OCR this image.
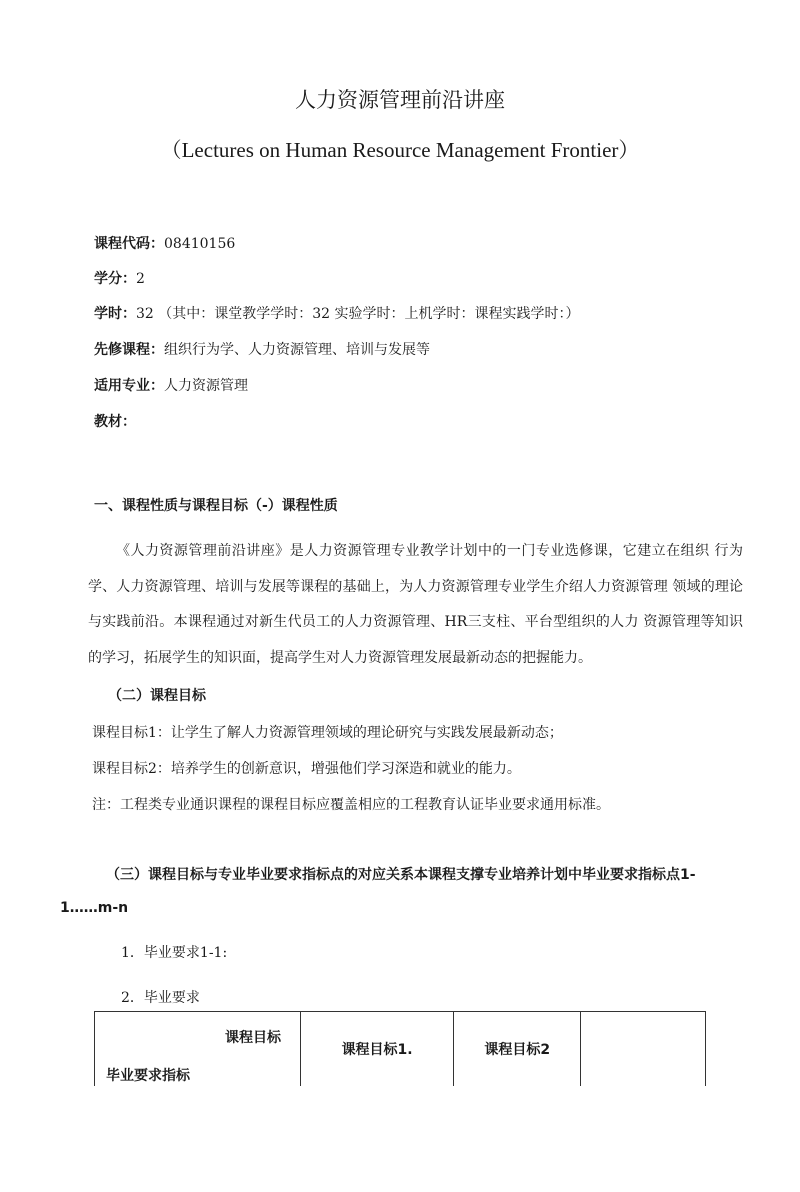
人力资源管理前沿讲座
（Lectures on Human Resource Management Frontier）
课程代码：08410156
学分：2
学时：32 （其中：课堂教学学时：32 实验学时：上机学时：课程实践学时：）
先修课程：组织行为学、人力资源管理、培训与发展等
适用专业：人力资源管理
教材：
一、课程性质与课程目标（-）课程性质
《人力资源管理前沿讲座》是人力资源管理专业教学计划中的一门专业选修课，它建立在组织 行为学、人力资源管理、培训与发展等课程的基础上，为人力资源管理专业学生介绍人力资源管理 领域的理论与实践前沿。本课程通过对新生代员工的人力资源管理、HR三支柱、平台型组织的人力 资源管理等知识的学习，拓展学生的知识面，提高学生对人力资源管理发展最新动态的把握能力。
（二）课程目标
课程目标1：让学生了解人力资源管理领域的理论研究与实践发展最新动态；
课程目标2：培养学生的创新意识，增强他们学习深造和就业的能力。
注：工程类专业通识课程的课程目标应覆盖相应的工程教育认证毕业要求通用标准。
（三）课程目标与专业毕业要求指标点的对应关系本课程支撑专业培养计划中毕业要求指标点1-
1……m-n
1．毕业要求1-1:
2．毕业要求
课程目标
毕业要求指标
	课程目标1.	课程目标2	
